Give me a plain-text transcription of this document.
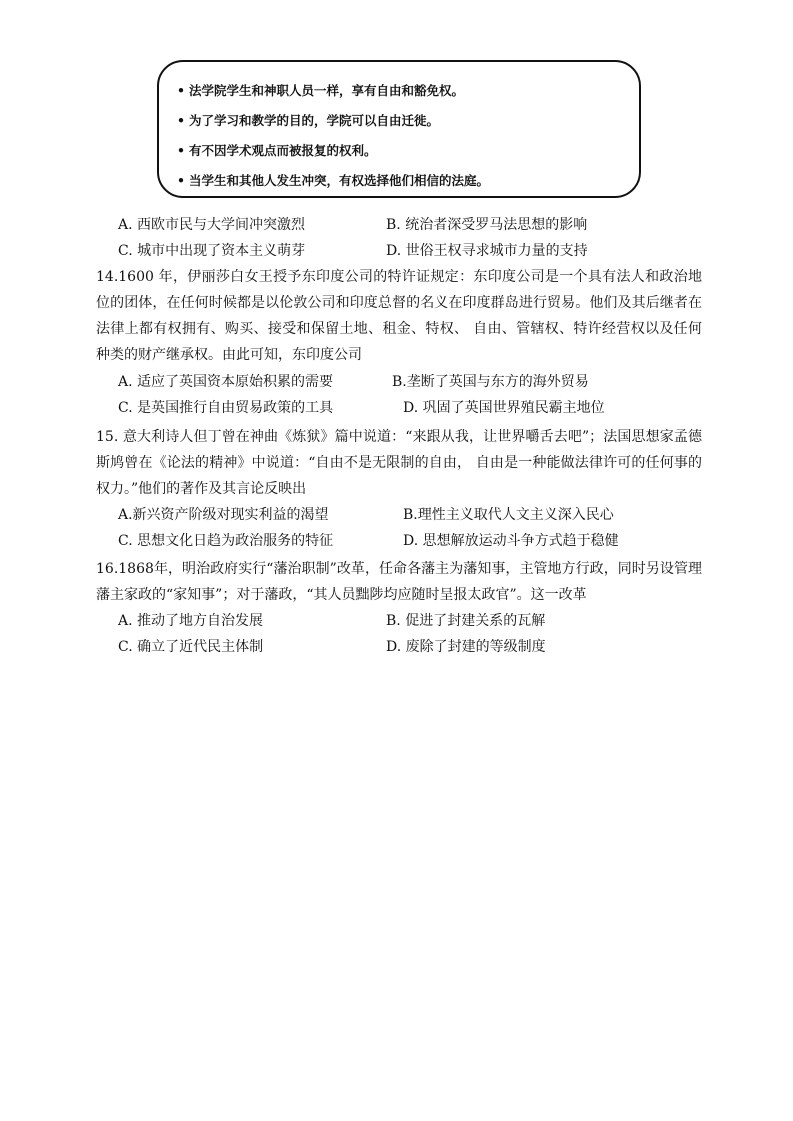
• 法学院学生和神职人员一样，享有自由和豁免权。
• 为了学习和教学的目的，学院可以自由迁徙。
• 有不因学术观点而被报复的权利。
• 当学生和其他人发生冲突，有权选择他们相信的法庭。
A. 西欧市民与大学间冲突激烈	B. 统治者深受罗马法思想的影响
C. 城市中出现了资本主义萌芽	D. 世俗王权寻求城市力量的支持

14.1600 年，伊丽莎白女王授予东印度公司的特许证规定：东印度公司是一个具有法人和政治地位的团体，在任何时候都是以伦敦公司和印度总督的名义在印度群岛进行贸易。他们及其后继者在法律上都有权拥有、购买、接受和保留土地、租金、特权、 自由、管辖权、特许经营权以及任何种类的财产继承权。由此可知，东印度公司

A. 适应了英国资本原始积累的需要	B.垄断了英国与东方的海外贸易
C. 是英国推行自由贸易政策的工具	D. 巩固了英国世界殖民霸主地位

15. 意大利诗人但丁曾在神曲《炼狱》篇中说道：“来跟从我，让世界嚼舌去吧”；法国思想家孟德斯鸠曾在《论法的精神》中说道：“自由不是无限制的自由， 自由是一种能做法律许可的任何事的权力。”他们的著作及其言论反映出

A.新兴资产阶级对现实利益的渴望	B.理性主义取代人文主义深入民心
C. 思想文化日趋为政治服务的特征	D. 思想解放运动斗争方式趋于稳健

16.1868年，明治政府实行“藩治职制”改革，任命各藩主为藩知事，主管地方行政，同时另设管理藩主家政的“家知事”；对于藩政，“其人员黜陟均应随时呈报太政官”。这一改革

A. 推动了地方自治发展	B. 促进了封建关系的瓦解
C. 确立了近代民主体制	D. 废除了封建的等级制度
